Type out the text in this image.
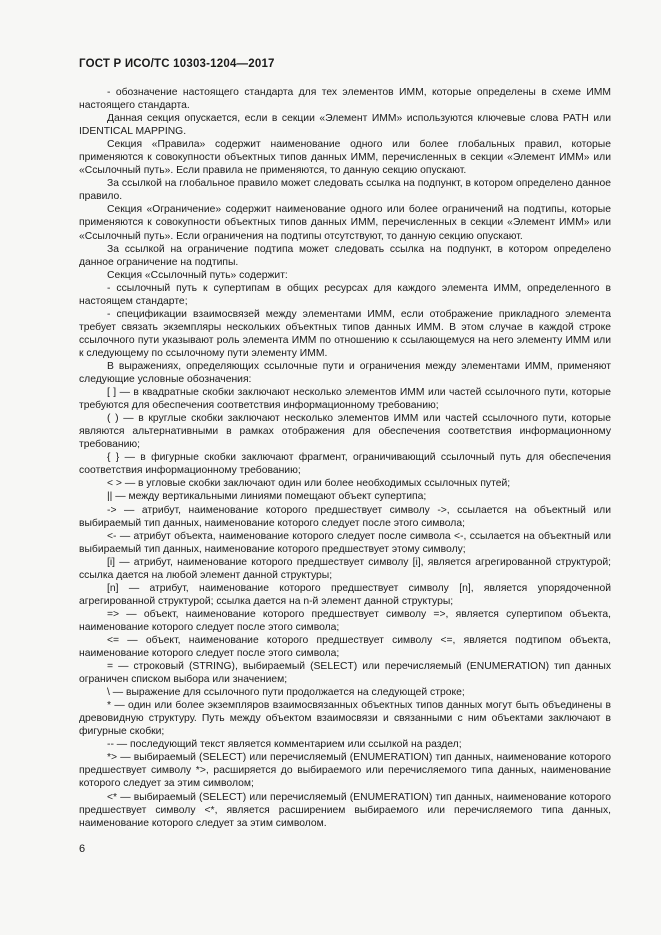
ГОСТ Р ИСО/ТС 10303-1204—2017

- обозначение настоящего стандарта для тех элементов ИММ, которые определены в схеме ИММ настоящего стандарта.

Данная секция опускается, если в секции «Элемент ИММ» используются ключевые слова PATH или IDENTICAL MAPPING.

Секция «Правила» содержит наименование одного или более глобальных правил, которые применяются к совокупности объектных типов данных ИММ, перечисленных в секции «Элемент ИММ» или «Ссылочный путь». Если правила не применяются, то данную секцию опускают.

За ссылкой на глобальное правило может следовать ссылка на подпункт, в котором определено данное правило.

Секция «Ограничение» содержит наименование одного или более ограничений на подтипы, которые применяются к совокупности объектных типов данных ИММ, перечисленных в секции «Элемент ИММ» или «Ссылочный путь». Если ограничения на подтипы отсутствуют, то данную секцию опускают.

За ссылкой на ограничение подтипа может следовать ссылка на подпункт, в котором определено данное ограничение на подтипы.

Секция «Ссылочный путь» содержит:

- ссылочный путь к супертипам в общих ресурсах для каждого элемента ИММ, определенного в настоящем стандарте;

- спецификации взаимосвязей между элементами ИММ, если отображение прикладного элемента требует связать экземпляры нескольких объектных типов данных ИММ. В этом случае в каждой строке ссылочного пути указывают роль элемента ИММ по отношению к ссылающемуся на него элементу ИММ или к следующему по ссылочному пути элементу ИММ.

В выражениях, определяющих ссылочные пути и ограничения между элементами ИММ, применяют следующие условные обозначения:

[ ] — в квадратные скобки заключают несколько элементов ИММ или частей ссылочного пути, которые требуются для обеспечения соответствия информационному требованию;

( ) — в круглые скобки заключают несколько элементов ИММ или частей ссылочного пути, которые являются альтернативными в рамках отображения для обеспечения соответствия информационному требованию;

{ } — в фигурные скобки заключают фрагмент, ограничивающий ссылочный путь для обеспечения соответствия информационному требованию;

< > — в угловые скобки заключают один или более необходимых ссылочных путей;

|| — между вертикальными линиями помещают объект супертипа;

-> — атрибут, наименование которого предшествует символу ->, ссылается на объектный или выбираемый тип данных, наименование которого следует после этого символа;

<- — атрибут объекта, наименование которого следует после символа <-, ссылается на объектный или выбираемый тип данных, наименование которого предшествует этому символу;

[i] — атрибут, наименование которого предшествует символу [i], является агрегированной структурой; ссылка дается на любой элемент данной структуры;

[n] — атрибут, наименование которого предшествует символу [n], является упорядоченной агрегированной структурой; ссылка дается на n-й элемент данной структуры;

=> — объект, наименование которого предшествует символу =>, является супертипом объекта, наименование которого следует после этого символа;

<= — объект, наименование которого предшествует символу <=, является подтипом объекта, наименование которого следует после этого символа;

= — строковый (STRING), выбираемый (SELECT) или перечисляемый (ENUMERATION) тип данных ограничен списком выбора или значением;

\ — выражение для ссылочного пути продолжается на следующей строке;

* — один или более экземпляров взаимосвязанных объектных типов данных могут быть объединены в древовидную структуру. Путь между объектом взаимосвязи и связанными с ним объектами заключают в фигурные скобки;

-- — последующий текст является комментарием или ссылкой на раздел;

*> — выбираемый (SELECT) или перечисляемый (ENUMERATION) тип данных, наименование которого предшествует символу *>, расширяется до выбираемого или перечисляемого типа данных, наименование которого следует за этим символом;

<* — выбираемый (SELECT) или перечисляемый (ENUMERATION) тип данных, наименование которого предшествует символу <*, является расширением выбираемого или перечисляемого типа данных, наименование которого следует за этим символом.

6
